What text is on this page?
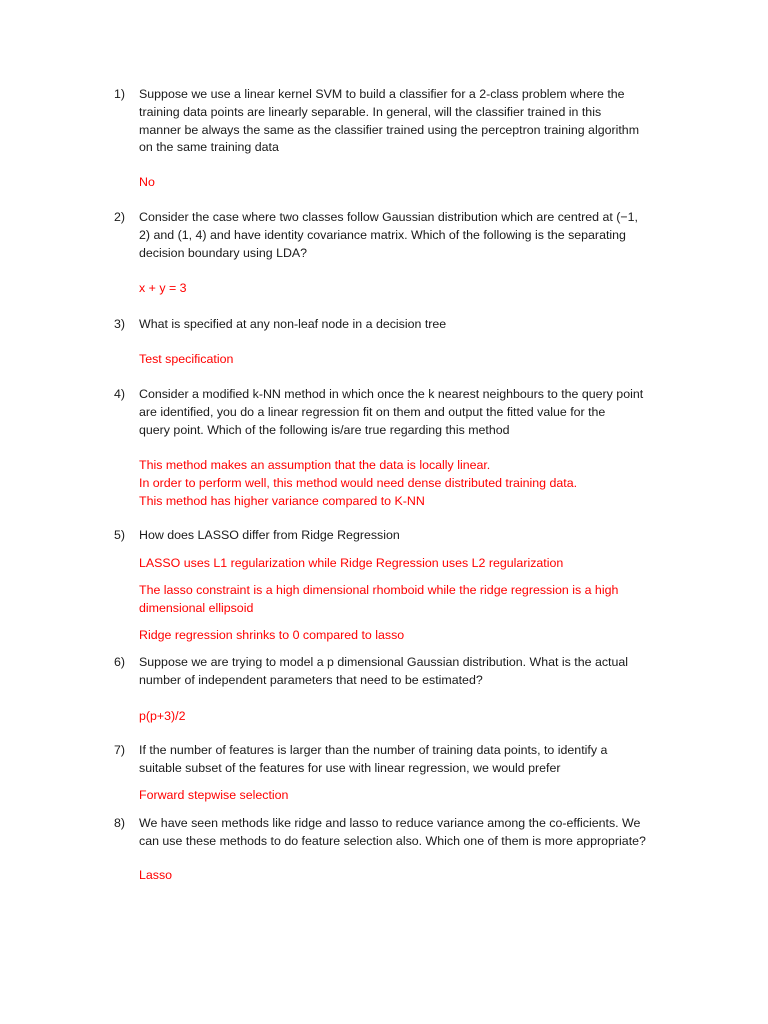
1)	Suppose we use a linear kernel SVM to build a classifier for a 2-class problem where the
training data points are linearly separable. In general, will the classifier trained in this
manner be always the same as the classifier trained using the perceptron training algorithm
on the same training data
No
2)	Consider the case where two classes follow Gaussian distribution which are centred at (−1,
2) and (1, 4) and have identity covariance matrix. Which of the following is the separating
decision boundary using LDA?
x + y = 3
3)	What is specified at any non-leaf node in a decision tree
Test specification
4)	Consider a modified k-NN method in which once the k nearest neighbours to the query point
are identified, you do a linear regression fit on them and output the fitted value for the
query point. Which of the following is/are true regarding this method
This method makes an assumption that the data is locally linear.
In order to perform well, this method would need dense distributed training data.
This method has higher variance compared to K-NN
5)	How does LASSO differ from Ridge Regression
LASSO uses L1 regularization while Ridge Regression uses L2 regularization
The lasso constraint is a high dimensional rhomboid while the ridge regression is a high
dimensional ellipsoid
Ridge regression shrinks to 0 compared to lasso
6)	Suppose we are trying to model a p dimensional Gaussian distribution. What is the actual
number of independent parameters that need to be estimated?
p(p+3)/2
7)	If the number of features is larger than the number of training data points, to identify a
suitable subset of the features for use with linear regression, we would prefer
Forward stepwise selection
8)	We have seen methods like ridge and lasso to reduce variance among the co-efficients. We
can use these methods to do feature selection also. Which one of them is more appropriate?
Lasso
